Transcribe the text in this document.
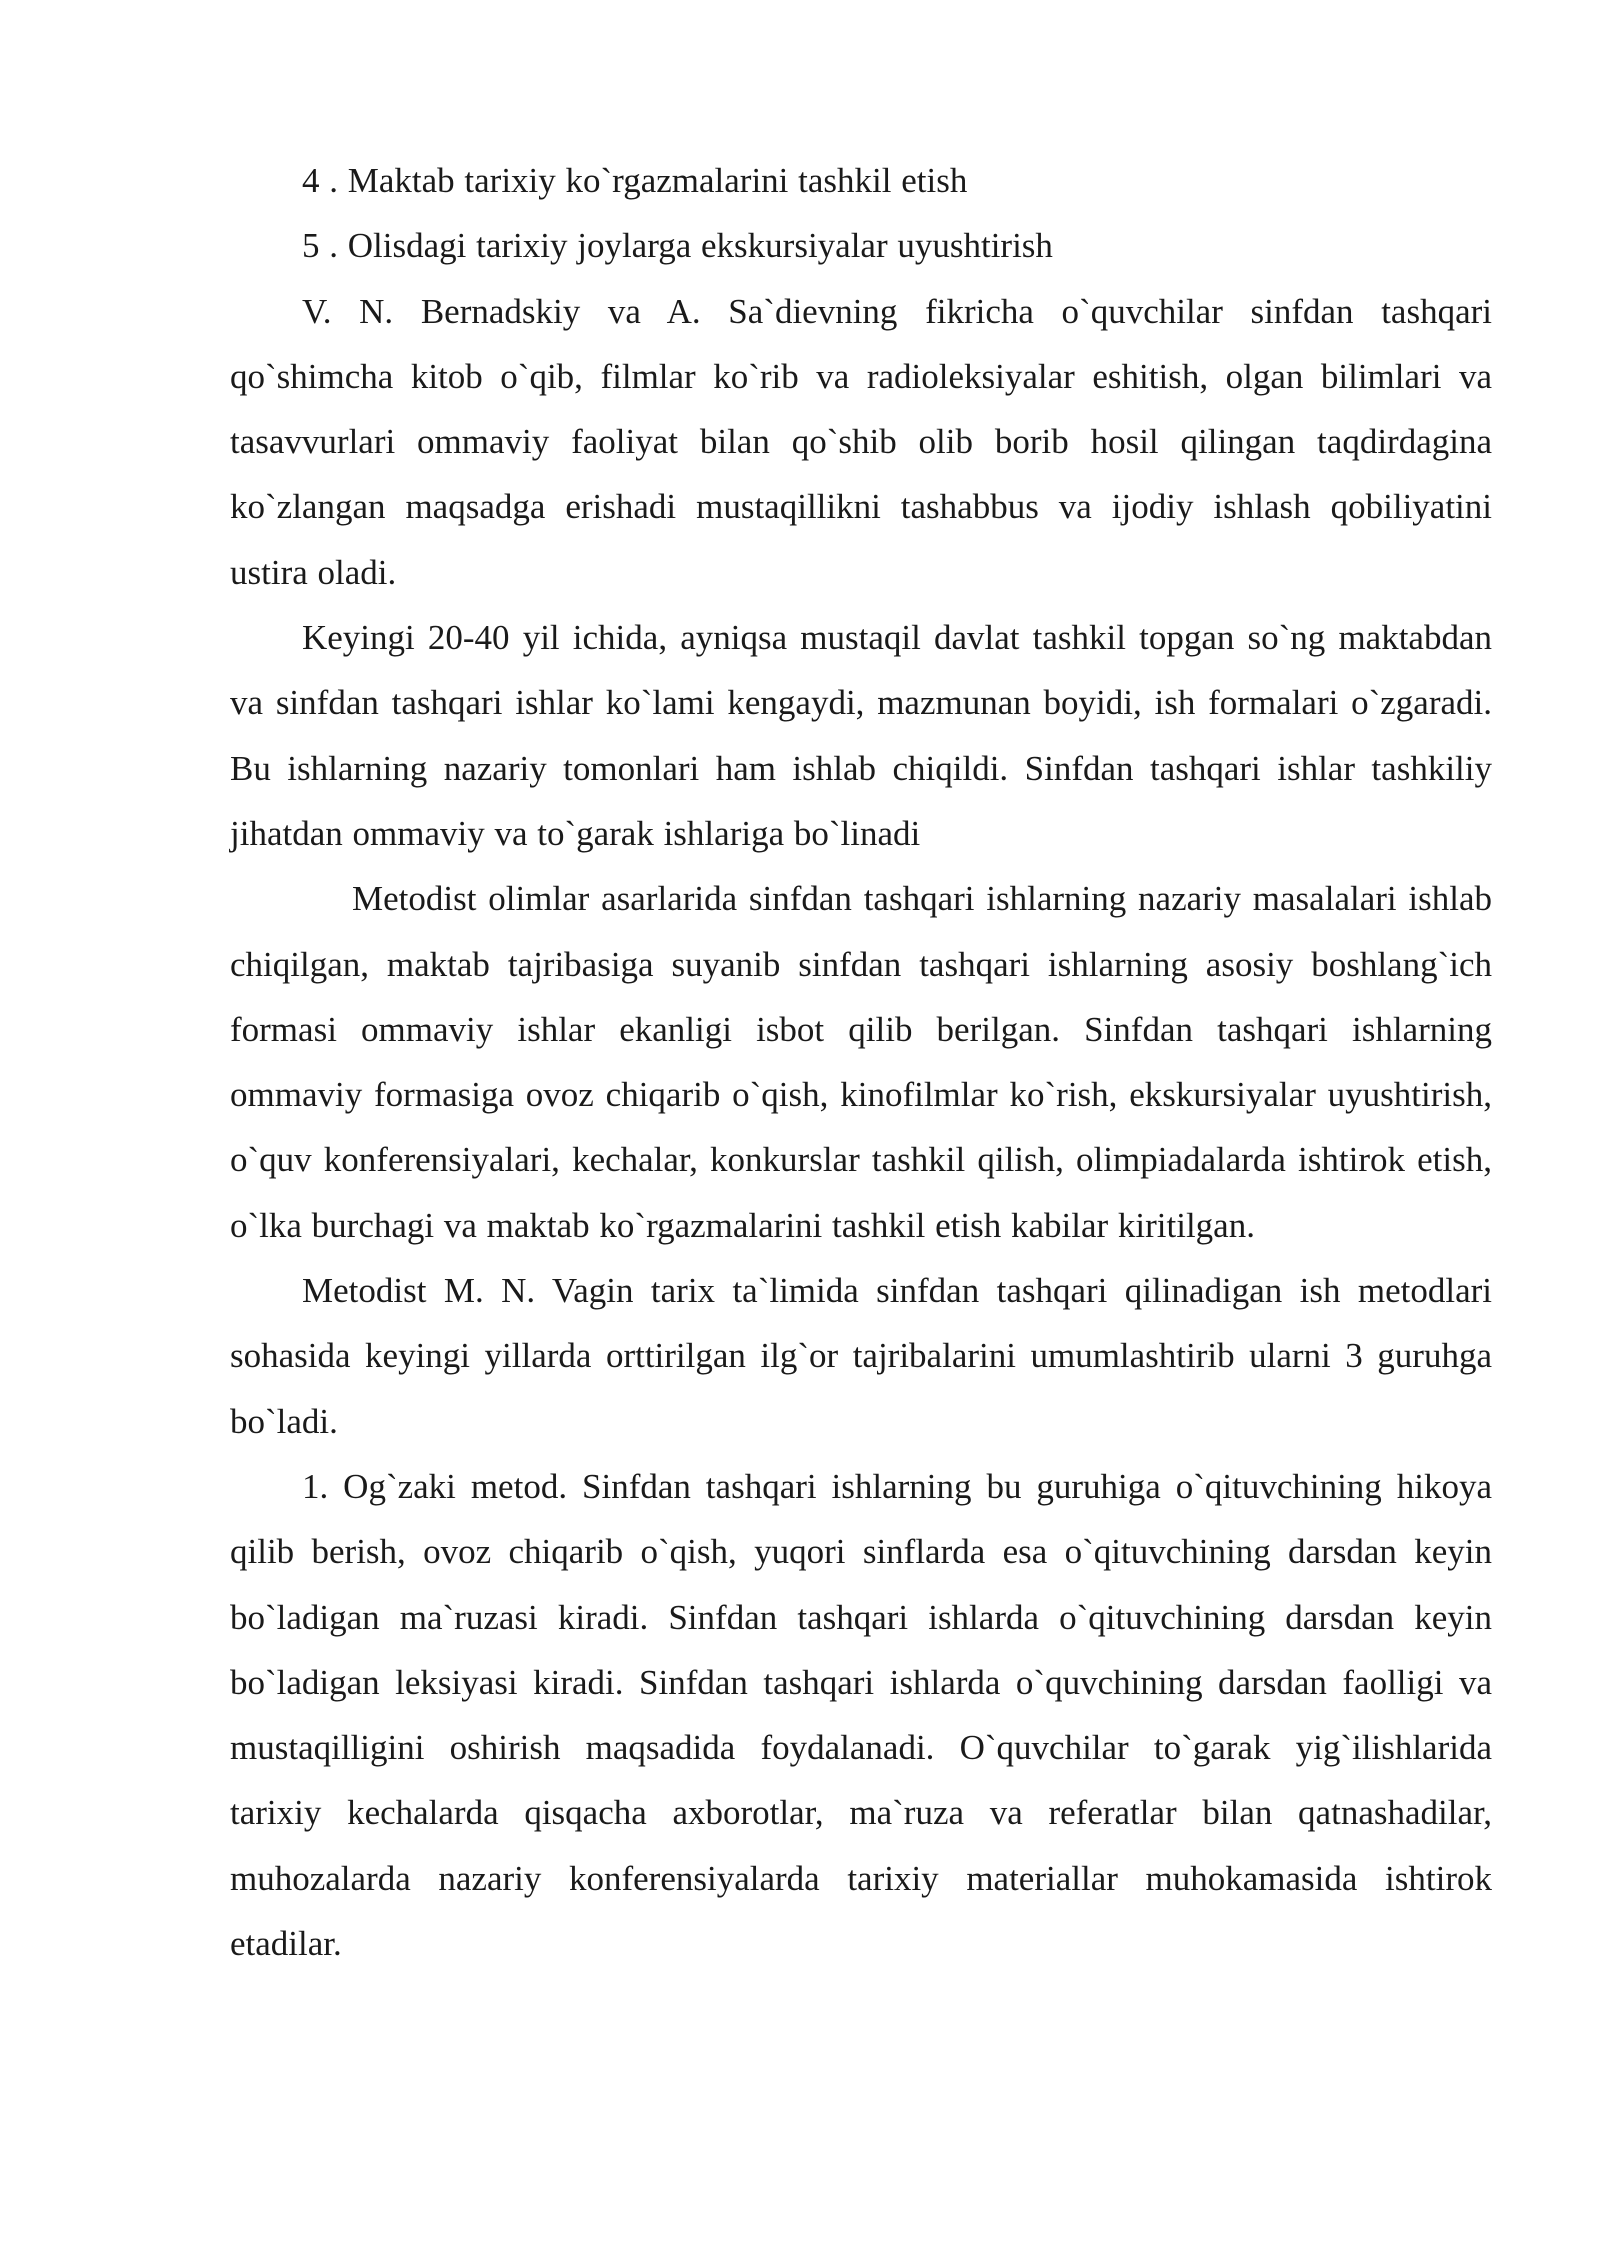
4 . Maktab tarixiy ko`rgazmalarini tashkil etish

5 . Olisdagi tarixiy joylarga ekskursiyalar uyushtirish

V. N. Bernadskiy va A. Sa`dievning fikricha o`quvchilar sinfdan tashqari qo`shimcha kitob o`qib, filmlar ko`rib va radioleksiyalar eshitish, olgan bilimlari va tasavvurlari ommaviy faoliyat bilan qo`shib olib borib hosil qilingan taqdirdagina ko`zlangan maqsadga erishadi mustaqillikni tashabbus va ijodiy ishlash qobiliyatini ustira oladi.

Keyingi 20-40 yil ichida, ayniqsa mustaqil davlat tashkil topgan so`ng maktabdan va sinfdan tashqari ishlar ko`lami kengaydi, mazmunan boyidi, ish formalari o`zgaradi. Bu ishlarning nazariy tomonlari ham ishlab chiqildi. Sinfdan tashqari ishlar tashkiliy jihatdan ommaviy va to`garak ishlariga bo`linadi

Metodist olimlar asarlarida sinfdan tashqari ishlarning nazariy masalalari ishlab chiqilgan, maktab tajribasiga suyanib sinfdan tashqari ishlarning asosiy boshlang`ich formasi ommaviy ishlar ekanligi isbot qilib berilgan. Sinfdan tashqari ishlarning ommaviy formasiga ovoz chiqarib o`qish, kinofilmlar ko`rish, ekskursiyalar uyushtirish, o`quv konferensiyalari, kechalar, konkurslar tashkil qilish, olimpiadalarda ishtirok etish, o`lka burchagi va maktab ko`rgazmalarini tashkil etish kabilar kiritilgan.

Metodist M. N. Vagin tarix ta`limida sinfdan tashqari qilinadigan ish metodlari sohasida keyingi yillarda orttirilgan ilg`or tajribalarini umumlashtirib ularni 3 guruhga bo`ladi.

1. Og`zaki metod. Sinfdan tashqari ishlarning bu guruhiga o`qituvchining hikoya qilib berish, ovoz chiqarib o`qish, yuqori sinflarda esa o`qituvchining darsdan keyin bo`ladigan ma`ruzasi kiradi. Sinfdan tashqari ishlarda o`qituvchining darsdan keyin bo`ladigan leksiyasi kiradi. Sinfdan tashqari ishlarda o`quvchining darsdan faolligi va mustaqilligini oshirish maqsadida foydalanadi. O`quvchilar to`garak yig`ilishlarida tarixiy kechalarda qisqacha axborotlar, ma`ruza va referatlar bilan qatnashadilar, muhozalarda nazariy konferensiyalarda tarixiy materiallar muhokamasida ishtirok etadilar.
